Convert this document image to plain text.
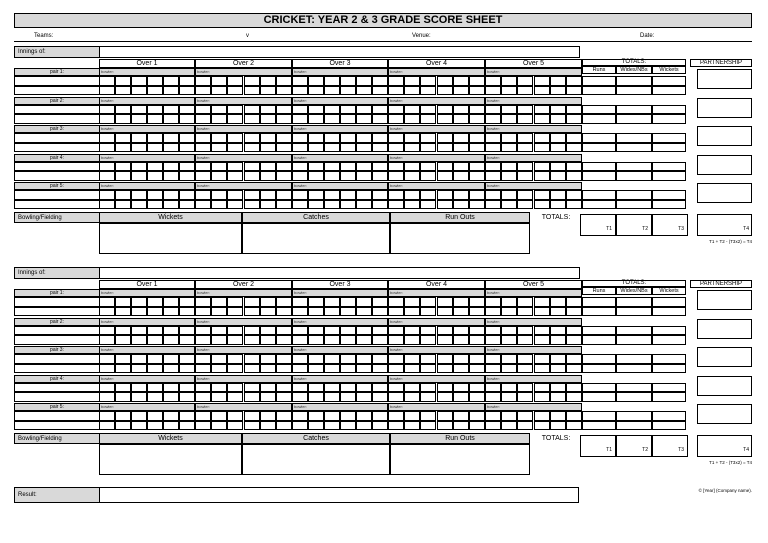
CRICKET: YEAR 2 & 3 GRADE SCORE SHEET
Teams:	v	Venue:	Date:
Innings of:
Over 1	Over 2	Over 3	Over 4	Over 5	TOTALS:
Runs	Wides/NBs	Wickets
PARTNERSHIP
pair 1:	bowler:	bowler:	bowler:	bowler:	bowler:
pair 2:	bowler:	bowler:	bowler:	bowler:	bowler:
pair 3:	bowler:	bowler:	bowler:	bowler:	bowler:
pair 4:	bowler:	bowler:	bowler:	bowler:	bowler:
pair 5:	bowler:	bowler:	bowler:	bowler:	bowler:
Bowling/Fielding	Wickets	Catches	Run Outs	TOTALS:
T1	T2	T3	T4
T1 + T2 - (T3x2) = T4
Innings of:
Over 1	Over 2	Over 3	Over 4	Over 5	TOTALS:
Runs	Wides/NBs	Wickets
PARTNERSHIP
pair 1:	bowler:	bowler:	bowler:	bowler:	bowler:
pair 2:	bowler:	bowler:	bowler:	bowler:	bowler:
pair 3:	bowler:	bowler:	bowler:	bowler:	bowler:
pair 4:	bowler:	bowler:	bowler:	bowler:	bowler:
pair 5:	bowler:	bowler:	bowler:	bowler:	bowler:
Bowling/Fielding	Wickets	Catches	Run Outs	TOTALS:
T1	T2	T3	T4
T1 + T2 - (T3x2) = T4
Result:
© [Year] (Company name).
